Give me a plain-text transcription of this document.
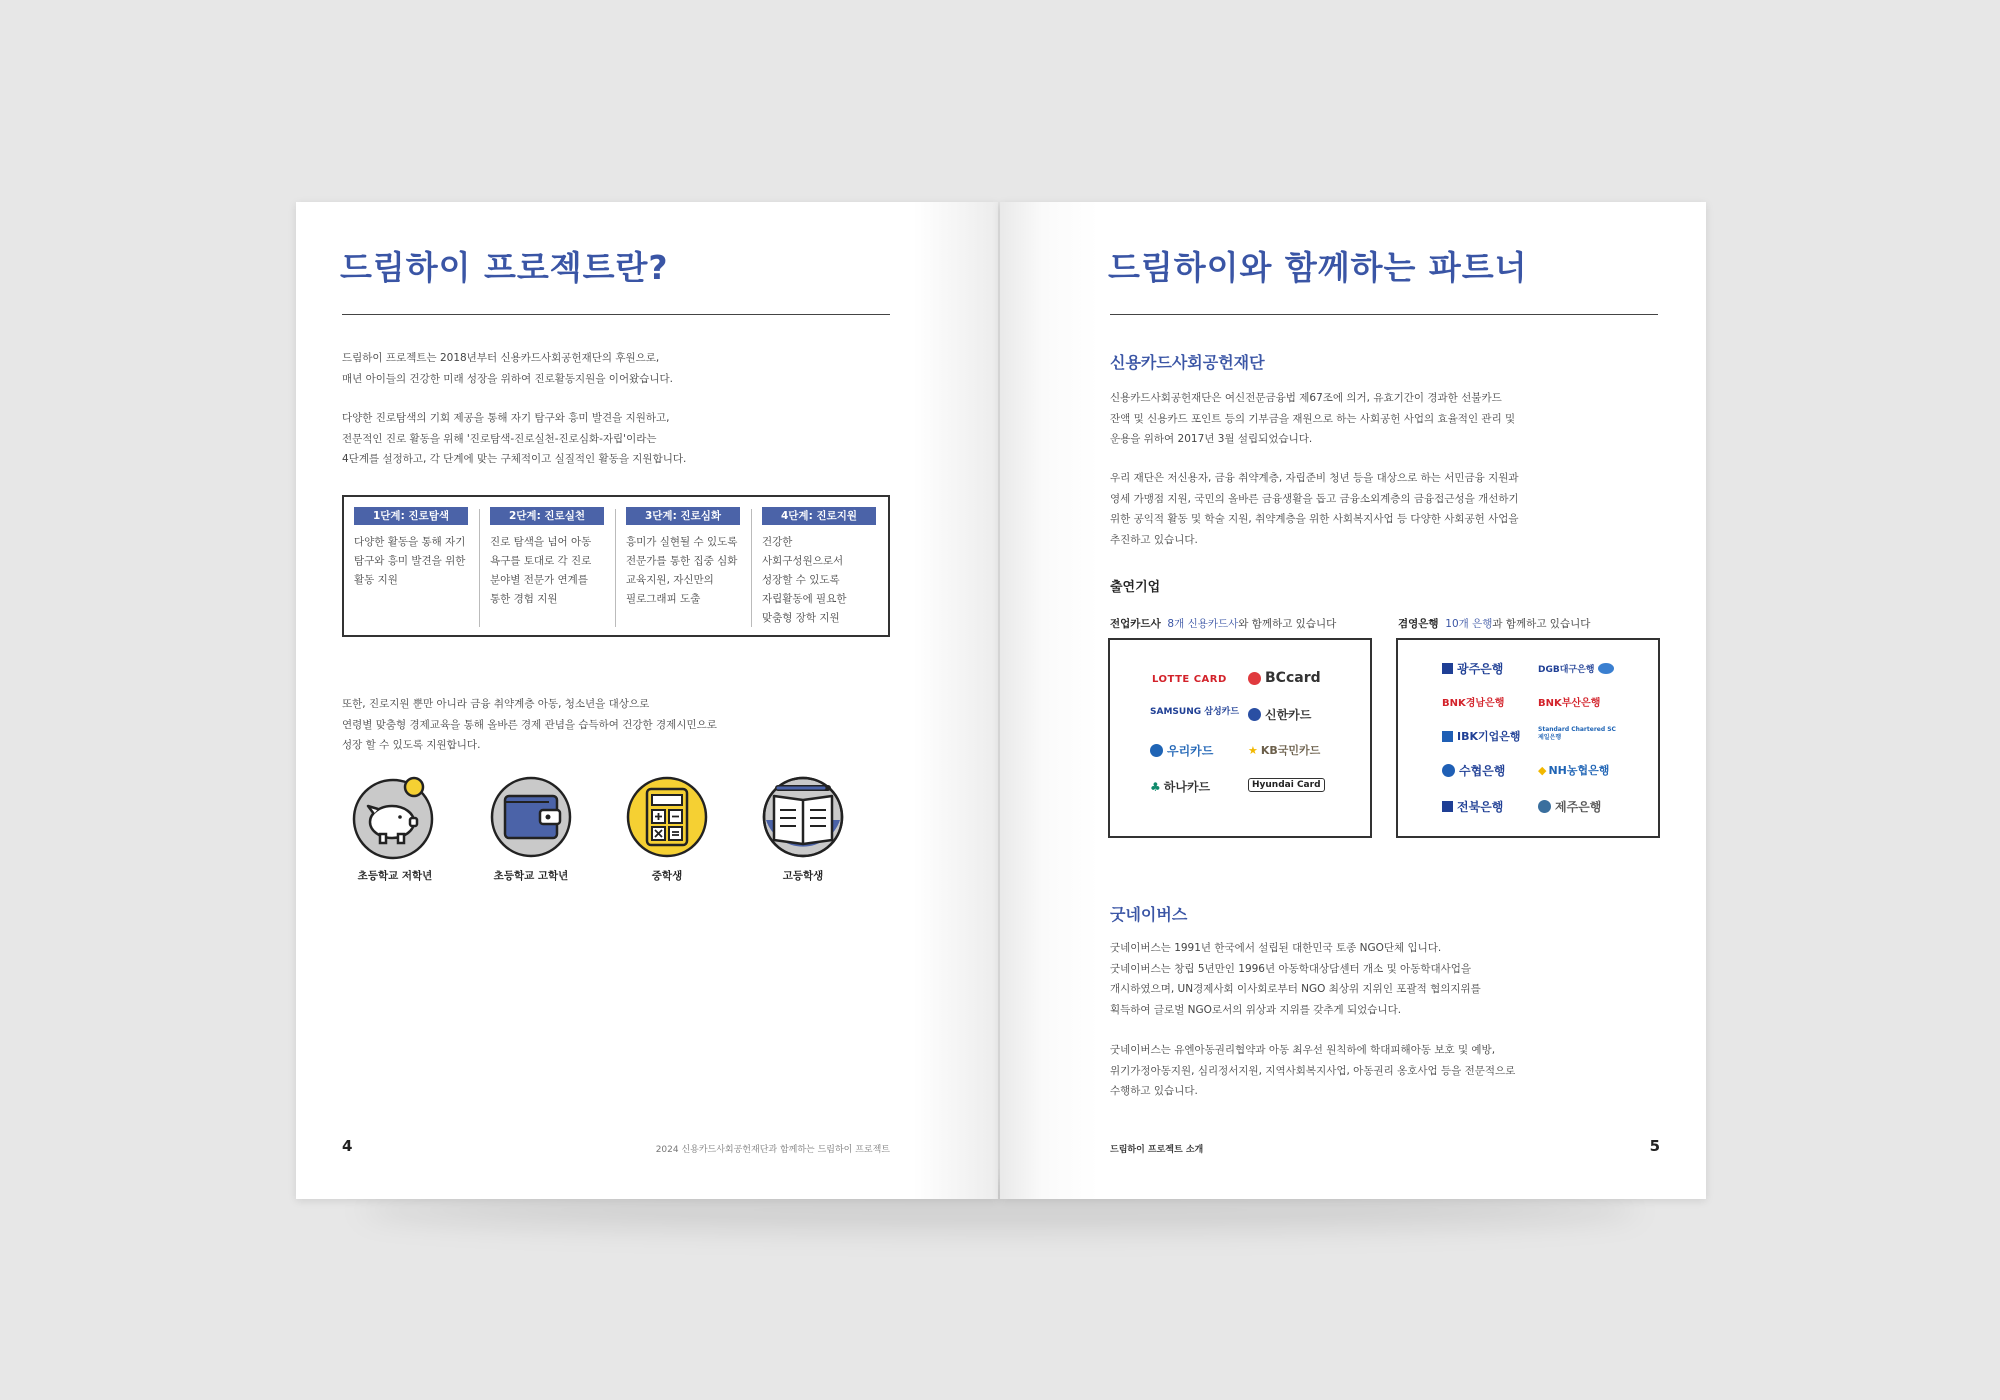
드림하이 프로젝트란?

드림하이 프로젝트는 2018년부터 신용카드사회공헌재단의 후원으로,
매년 아이들의 건강한 미래 성장을 위하여 진로활동지원을 이어왔습니다.

다양한 진로탐색의 기회 제공을 통해 자기 탐구와 흥미 발견을 지원하고,
전문적인 진로 활동을 위해 '진로탐색-진로실천-진로심화-자립'이라는
4단계를 설정하고, 각 단계에 맞는 구체적이고 실질적인 활동을 지원합니다.

1단계: 진로탐색
다양한 활동을 통해 자기
탐구와 흥미 발견을 위한
활동 지원
2단계: 진로실천
진로 탐색을 넘어 아동
욕구를 토대로 각 진로
분야별 전문가 연계를
통한 경험 지원
3단계: 진로심화
흥미가 실현될 수 있도록
전문가를 통한 집중 심화
교육지원, 자신만의
필로그래피 도출
4단계: 진로지원
건강한
사회구성원으로서
성장할 수 있도록
자립활동에 필요한
맞춤형 장학 지원

또한, 진로지원 뿐만 아니라 금융 취약계층 아동, 청소년을 대상으로
연령별 맞춤형 경제교육을 통해 올바른 경제 관념을 습득하여 건강한 경제시민으로
성장 할 수 있도록 지원합니다.

초등학교 저학년	초등학교 고학년	중학생	고등학생
4	2024 신용카드사회공헌재단과 함께하는 드림하이 프로젝트
드림하이와 함께하는 파트너
신용카드사회공헌재단

신용카드사회공헌재단은 여신전문금융법 제67조에 의거, 유효기간이 경과한 선불카드
잔액 및 신용카드 포인트 등의 기부금을 재원으로 하는 사회공헌 사업의 효율적인 관리 및
운용을 위하여 2017년 3월 설립되었습니다.

우리 재단은 저신용자, 금융 취약계층, 자립준비 청년 등을 대상으로 하는 서민금융 지원과
영세 가맹점 지원, 국민의 올바른 금융생활을 돕고 금융소외계층의 금융접근성을 개선하기
위한 공익적 활동 및 학술 지원, 취약계층을 위한 사회복지사업 등 다양한 사회공헌 사업을
추진하고 있습니다.

출연기업
전업카드사 8개 신용카드사와 함께하고 있습니다	겸영은행 10개 은행과 함께하고 있습니다
LOTTE CARD	BCcard
SAMSUNG 삼성카드 신한카드
우리카드	★ KB국민카드
♣ 하나카드	Hyundai Card
광주은행	DGB대구은행
BNK경남은행	BNK부산은행
IBK기업은행
Standard Chartered SC제일은행
수협은행	◆ NH농협은행
전북은행	제주은행
굿네이버스

굿네이버스는 1991년 한국에서 설립된 대한민국 토종 NGO단체 입니다.
굿네이버스는 창립 5년만인 1996년 아동학대상담센터 개소 및 아동학대사업을
개시하였으며, UN경제사회 이사회로부터 NGO 최상위 지위인 포괄적 협의지위를
획득하여 글로벌 NGO로서의 위상과 지위를 갖추게 되었습니다.

굿네이버스는 유엔아동권리협약과 아동 최우선 원칙하에 학대피해아동 보호 및 예방,
위기가정아동지원, 심리정서지원, 지역사회복지사업, 아동권리 옹호사업 등을 전문적으로
수행하고 있습니다.

드림하이 프로젝트 소개	5
